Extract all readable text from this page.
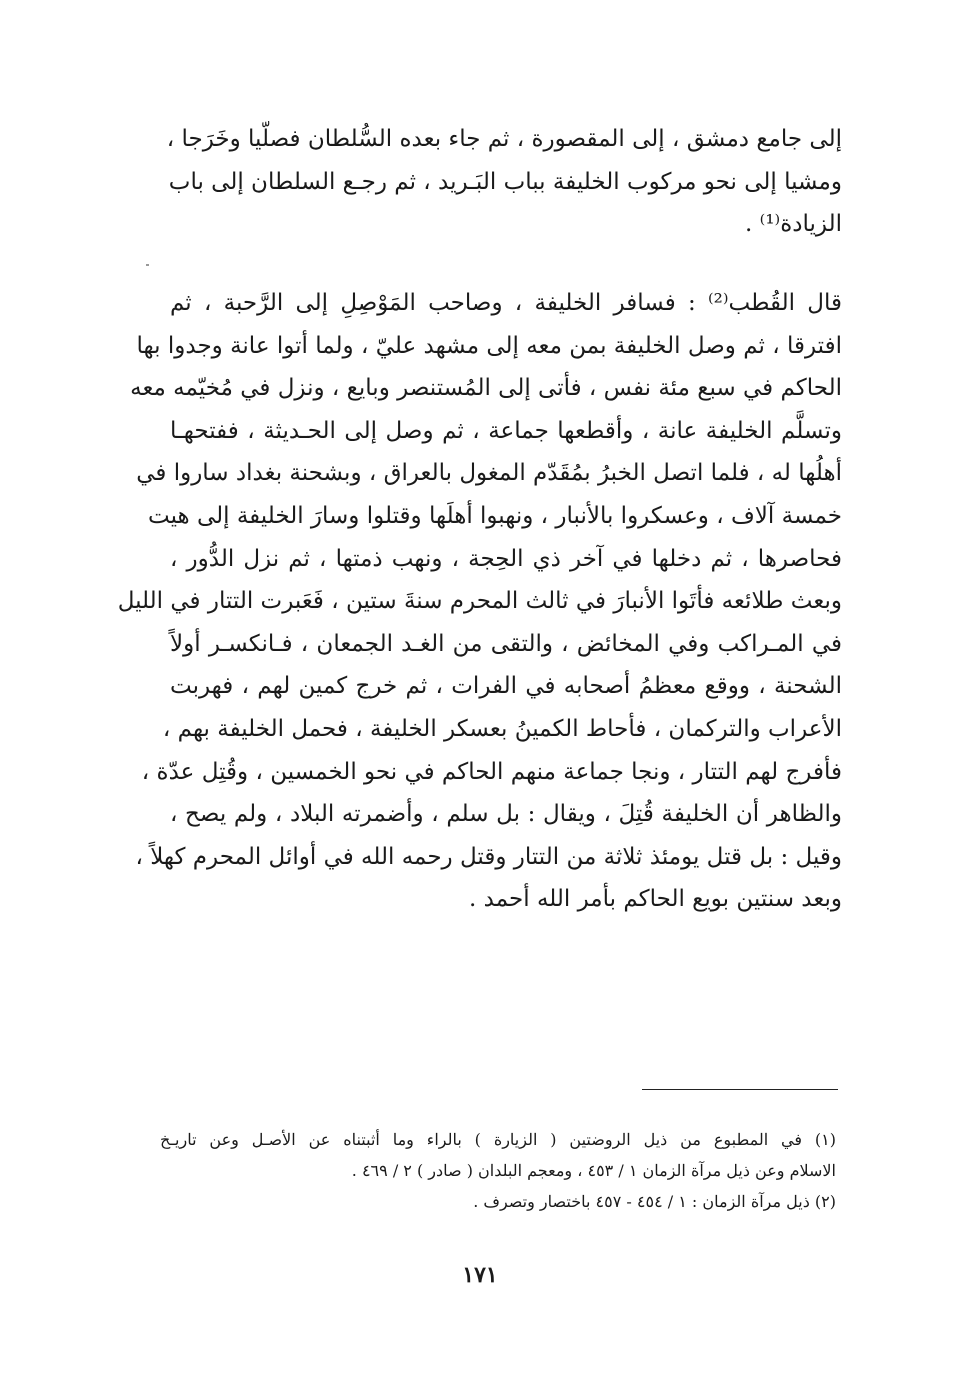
إلى جامع دمشق ، إلى المقصورة ، ثم جاء بعده السُّلطان فصلّيا وخَرَجا ،
ومشيا إلى نحو مركوب الخليفة بباب البَـريد ، ثم رجـع السلطان إلى باب
الزيادة⁽¹⁾ .
قال القُطب⁽²⁾ : فسافر الخليفة ، وصاحب المَوْصِلِ إلى الرَّحبة ، ثم
افترقا ، ثم وصل الخليفة بمن معه إلى مشهد عليّ ، ولما أتوا عانة وجدوا بها
الحاكم في سبع مئة نفس ، فأتى إلى المُستنصر وبايع ، ونزل في مُخيّمه معه
وتسلَّم الخليفة عانة ، وأقطعها جماعة ، ثم وصل إلى الحـديثة ، ففتحهـا
أهلُها له ، فلما اتصل الخبرُ بمُقَدّم المغول بالعراق ، وبشحنة بغداد ساروا في
خمسة آلاف ، وعسكروا بالأنبار ، ونهبوا أهلَها وقتلوا وسارَ الخليفة إلى هيت
فحاصرها ، ثم دخلها في آخر ذي الحِجة ، ونهب ذمتها ، ثم نزل الدُّور ،
وبعث طلائعه فأتَوا الأنبارَ في ثالث المحرم سنةَ ستين ، فَعَبرت التتار في الليل
في المـراكب وفي المخائض ، والتقى من الغـد الجمعان ، فـانكسـر أولاً
الشحنة ، ووقع معظمُ أصحابه في الفرات ، ثم خرج كمين لهم ، فهربت
الأعراب والتركمان ، فأحاط الكمينُ بعسكر الخليفة ، فحمل الخليفة بهم ،
فأفرج لهم التتار ، ونجا جماعة منهم الحاكم في نحو الخمسين ، وقُتِل عدّة ،
والظاهر أن الخليفة قُتِلَ ، ويقال : بل سلم ، وأضمرته البلاد ، ولم يصح ،
وقيل : بل قتل يومئذ ثلاثة من التتار وقتل رحمه الله في أوائل المحرم كهلاً ،
وبعد سنتين بويع الحاكم بأمر الله أحمد .
(١) في المطبوع من ذيل الروضتين ( الزيارة ) بالراء وما أثبتناه عن الأصـل وعن تاريـخ
الاسلام وعن ذيل مرآة الزمان ١ / ٤٥٣ ، ومعجم البلدان ( صادر ) ٢ / ٤٦٩ .
(٢) ذيل مرآة الزمان : ١ / ٤٥٤ - ٤٥٧ باختصار وتصرف .
١٧١
